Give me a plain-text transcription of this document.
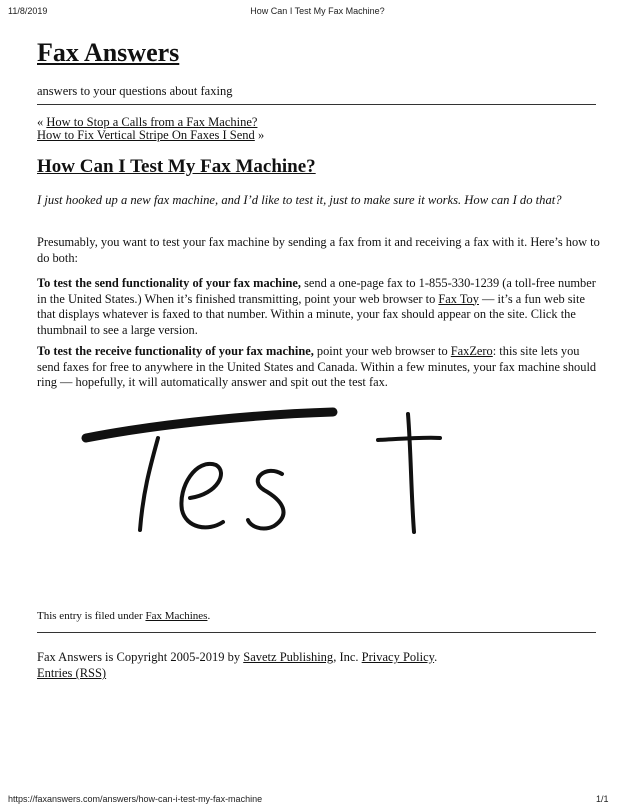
11/8/2019	How Can I Test My Fax Machine?
Fax Answers
answers to your questions about faxing
« How to Stop a Calls from a Fax Machine?
How to Fix Vertical Stripe On Faxes I Send »
How Can I Test My Fax Machine?

I just hooked up a new fax machine, and I’d like to test it, just to make sure it works. How can I do that?

Presumably, you want to test your fax machine by sending a fax from it and receiving a fax with it. Here’s how to do both:

To test the send functionality of your fax machine, send a one-page fax to 1-855-330-1239 (a toll-free number in the United States.) When it’s finished transmitting, point your web browser to Fax Toy — it’s a fun web site that displays whatever is faxed to that number. Within a minute, your fax should appear on the site. Click the thumbnail to see a large version.

To test the receive functionality of your fax machine, point your web browser to FaxZero: this site lets you send faxes for free to anywhere in the United States and Canada. Within a few minutes, your fax machine should ring — hopefully, it will automatically answer and spit out the test fax.

This entry is filed under Fax Machines.
Fax Answers is Copyright 2005-2019 by Savetz Publishing, Inc. Privacy Policy.
Entries (RSS)
https://faxanswers.com/answers/how-can-i-test-my-fax-machine	1/1
